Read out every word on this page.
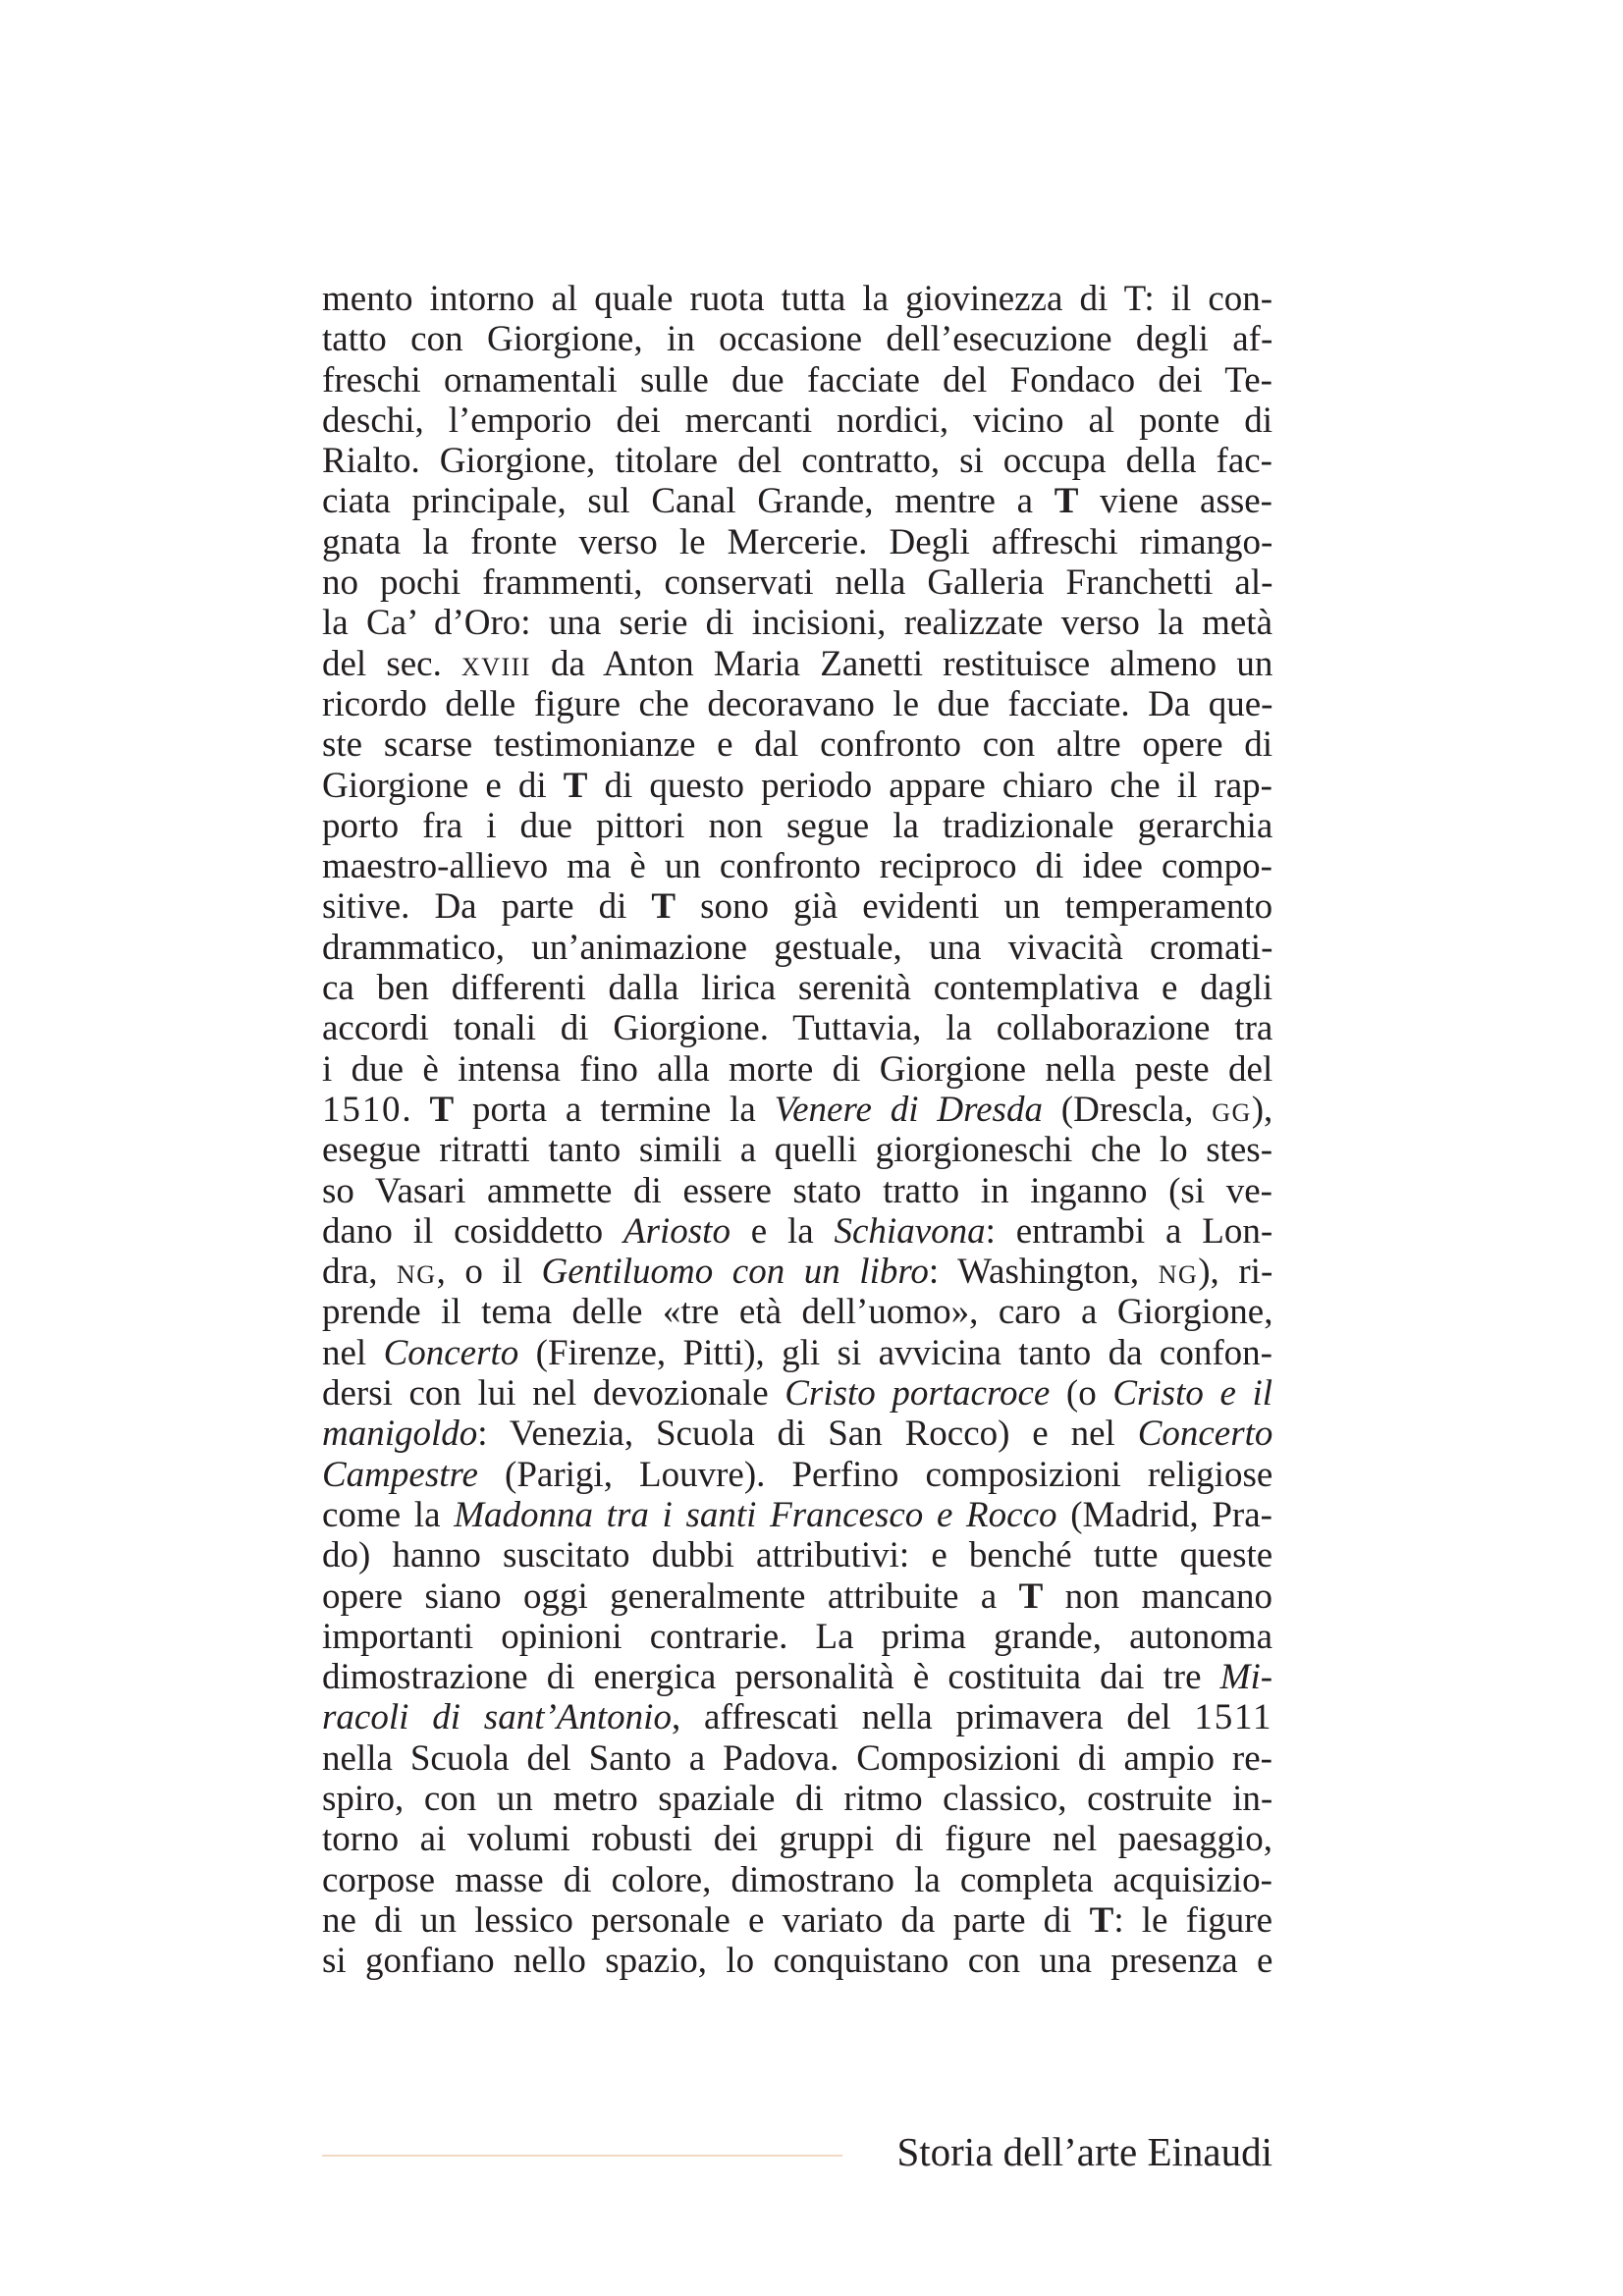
mento intorno al quale ruota tutta la giovinezza di T: il con-
tatto con Giorgione, in occasione dell’esecuzione degli af-
freschi ornamentali sulle due facciate del Fondaco dei Te-
deschi, l’emporio dei mercanti nordici, vicino al ponte di
Rialto. Giorgione, titolare del contratto, si occupa della fac-
ciata principale, sul Canal Grande, mentre a T viene asse-
gnata la fronte verso le Mercerie. Degli affreschi rimango-
no pochi frammenti, conservati nella Galleria Franchetti al-
la Ca’ d’Oro: una serie di incisioni, realizzate verso la metà
del sec. xviii da Anton Maria Zanetti restituisce almeno un
ricordo delle figure che decoravano le due facciate. Da que-
ste scarse testimonianze e dal confronto con altre opere di
Giorgione e di T di questo periodo appare chiaro che il rap-
porto fra i due pittori non segue la tradizionale gerarchia
maestro-allievo ma è un confronto reciproco di idee compo-
sitive. Da parte di T sono già evidenti un temperamento
drammatico, un’animazione gestuale, una vivacità cromati-
ca ben differenti dalla lirica serenità contemplativa e dagli
accordi tonali di Giorgione. Tuttavia, la collaborazione tra
i due è intensa fino alla morte di Giorgione nella peste del
1510. T porta a termine la Venere di Dresda (Drescla, gg),
esegue ritratti tanto simili a quelli giorgioneschi che lo stes-
so Vasari ammette di essere stato tratto in inganno (si ve-
dano il cosiddetto Ariosto e la Schiavona: entrambi a Lon-
dra, ng, o il Gentiluomo con un libro: Washington, ng), ri-
prende il tema delle «tre età dell’uomo», caro a Giorgione,
nel Concerto (Firenze, Pitti), gli si avvicina tanto da confon-
dersi con lui nel devozionale Cristo portacroce (o Cristo e il
manigoldo: Venezia, Scuola di San Rocco) e nel Concerto
Campestre (Parigi, Louvre). Perfino composizioni religiose
come la Madonna tra i santi Francesco e Rocco (Madrid, Pra-
do) hanno suscitato dubbi attributivi: e benché tutte queste
opere siano oggi generalmente attribuite a T non mancano
importanti opinioni contrarie. La prima grande, autonoma
dimostrazione di energica personalità è costituita dai tre Mi-
racoli di sant’Antonio, affrescati nella primavera del 1511
nella Scuola del Santo a Padova. Composizioni di ampio re-
spiro, con un metro spaziale di ritmo classico, costruite in-
torno ai volumi robusti dei gruppi di figure nel paesaggio,
corpose masse di colore, dimostrano la completa acquisizio-
ne di un lessico personale e variato da parte di T: le figure
si gonfiano nello spazio, lo conquistano con una presenza e
Storia dell’arte Einaudi
